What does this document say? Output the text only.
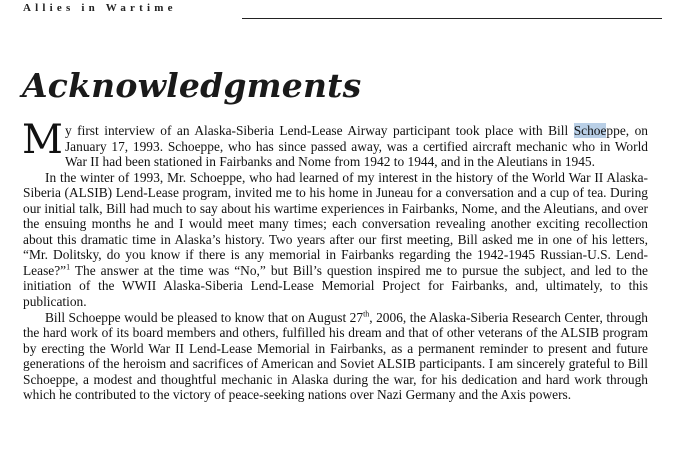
Allies in Wartime
Acknowledgments

My first interview of an Alaska-Siberia Lend-Lease Airway participant took place with Bill Schoeppe, on January 17, 1993. Schoeppe, who has since passed away, was a certified aircraft mechanic who in World War II had been stationed in Fairbanks and Nome from 1942 to 1944, and in the Aleutians in 1945.

In the winter of 1993, Mr. Schoeppe, who had learned of my interest in the history of the World War II Alaska-Siberia (ALSIB) Lend-Lease program, invited me to his home in Juneau for a conversation and a cup of tea. During our initial talk, Bill had much to say about his wartime experiences in Fairbanks, Nome, and the Aleutians, and over the ensuing months he and I would meet many times; each conversation revealing another exciting recollection about this dramatic time in Alaska’s history. Two years after our first meeting, Bill asked me in one of his letters, “Mr. Dolitsky, do you know if there is any memorial in Fairbanks regarding the 1942-1945 Russian-U.S. Lend-Lease?”$^1$ The answer at the time was “No,” but Bill’s question inspired me to pursue the subject, and led to the initiation of the WWII Alaska-Siberia Lend-Lease Memorial Project for Fairbanks, and, ultimately, to this publication.

Bill Schoeppe would be pleased to know that on August 27th, 2006, the Alaska-Siberia Research Center, through the hard work of its board members and others, fulfilled his dream and that of other veterans of the ALSIB program by erecting the World War II Lend-Lease Memorial in Fairbanks, as a permanent reminder to present and future generations of the heroism and sacrifices of American and Soviet ALSIB participants. I am sincerely grateful to Bill Schoeppe, a modest and thoughtful mechanic in Alaska during the war, for his dedication and hard work through which he contributed to the victory of peace-seeking nations over Nazi Germany and the Axis powers.
